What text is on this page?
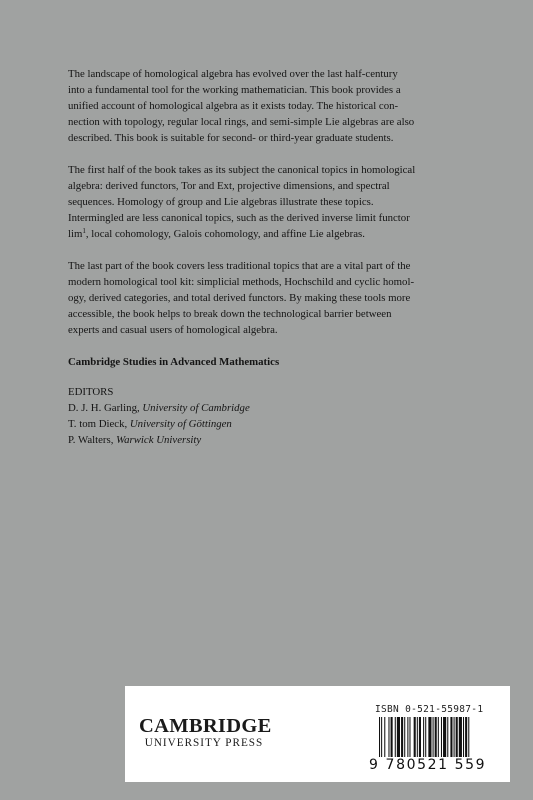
The landscape of homological algebra has evolved over the last half-century
into a fundamental tool for the working mathematician. This book provides a
unified account of homological algebra as it exists today. The historical con-
nection with topology, regular local rings, and semi-simple Lie algebras are also
described. This book is suitable for second- or third-year graduate students.

The first half of the book takes as its subject the canonical topics in homological
algebra: derived functors, Tor and Ext, projective dimensions, and spectral
sequences. Homology of group and Lie algebras illustrate these topics.
Intermingled are less canonical topics, such as the derived inverse limit functor
$\lim^1$, local cohomology, Galois cohomology, and affine Lie algebras.

The last part of the book covers less traditional topics that are a vital part of the
modern homological tool kit: simplicial methods, Hochschild and cyclic homol-
ogy, derived categories, and total derived functors. By making these tools more
accessible, the book helps to break down the technological barrier between
experts and casual users of homological algebra.

Cambridge Studies in Advanced Mathematics
EDITORS
D. J. H. Garling, University of Cambridge
T. tom Dieck, University of Göttingen
P. Walters, Warwick University
CAMBRIDGE
UNIVERSITY PRESS
ISBN 0-521-55987-1
9 780521 559
